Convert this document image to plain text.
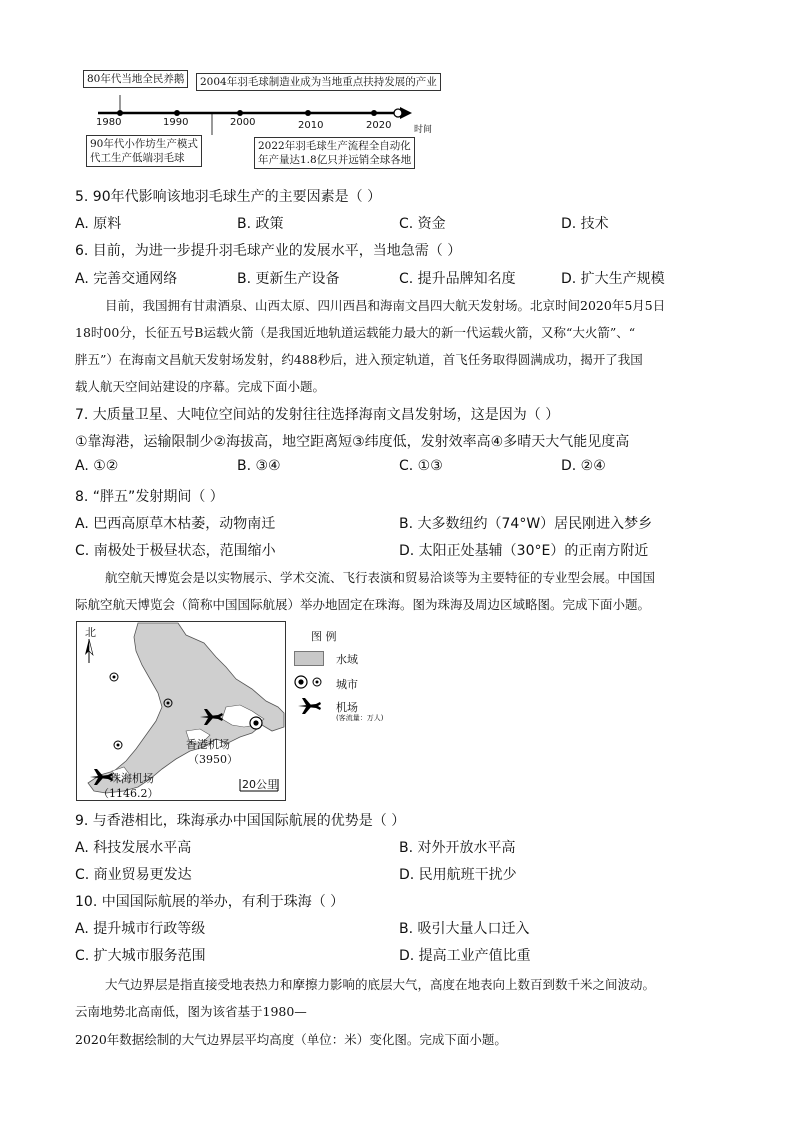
1980	1990	2000	2010	2020	时间
80年代当地全民养鹅 2004年羽毛球制造业成为当地重点扶持发展的产业
90年代小作坊生产模式
代工生产低端羽毛球
2022年羽毛球生产流程全自动化
年产量达1.8亿只并远销全球各地
5. 90年代影响该地羽毛球生产的主要因素是（ ）
A. 原料	B. 政策	C. 资金	D. 技术
6. 目前，为进一步提升羽毛球产业的发展水平，当地急需（ ）
A. 完善交通网络	B. 更新生产设备	C. 提升品牌知名度	D. 扩大生产规模
目前，我国拥有甘肃酒泉、山西太原、四川西昌和海南文昌四大航天发射场。北京时间2020年5月5日
18时00分，长征五号B运载火箭（是我国近地轨道运载能力最大的新一代运载火箭，又称“大火箭”、“
胖五”）在海南文昌航天发射场发射，约488秒后，进入预定轨道，首飞任务取得圆满成功，揭开了我国
载人航天空间站建设的序幕。完成下面小题。
7. 大质量卫星、大吨位空间站的发射往往选择海南文昌发射场，这是因为（ ）
①靠海港，运输限制少②海拔高，地空距离短③纬度低，发射效率高④多晴天大气能见度高
A. ①②	B. ③④	C. ①③	D. ②④
8. “胖五”发射期间（ ）
A. 巴西高原草木枯萎，动物南迁	B. 大多数纽约（74°W）居民刚进入梦乡
C. 南极处于极昼状态，范围缩小	D. 太阳正处基辅（30°E）的正南方附近
航空航天博览会是以实物展示、学术交流、飞行表演和贸易洽谈等为主要特征的专业型会展。中国国
际航空航天博览会（简称中国国际航展）举办地固定在珠海。图为珠海及周边区域略图。完成下面小题。
北
香港机场
（3950）
珠海机场
（1146.2）
20公里
图 例
水域
城市
机场
(客流量：万人)
9. 与香港相比，珠海承办中国国际航展的优势是（ ）
A. 科技发展水平高	B. 对外开放水平高
C. 商业贸易更发达	D. 民用航班干扰少
10. 中国国际航展的举办，有利于珠海（ ）
A. 提升城市行政等级	B. 吸引大量人口迁入
C. 扩大城市服务范围	D. 提高工业产值比重
大气边界层是指直接受地表热力和摩擦力影响的底层大气，高度在地表向上数百到数千米之间波动。
云南地势北高南低，图为该省基于1980—
2020年数据绘制的大气边界层平均高度（单位：米）变化图。完成下面小题。
